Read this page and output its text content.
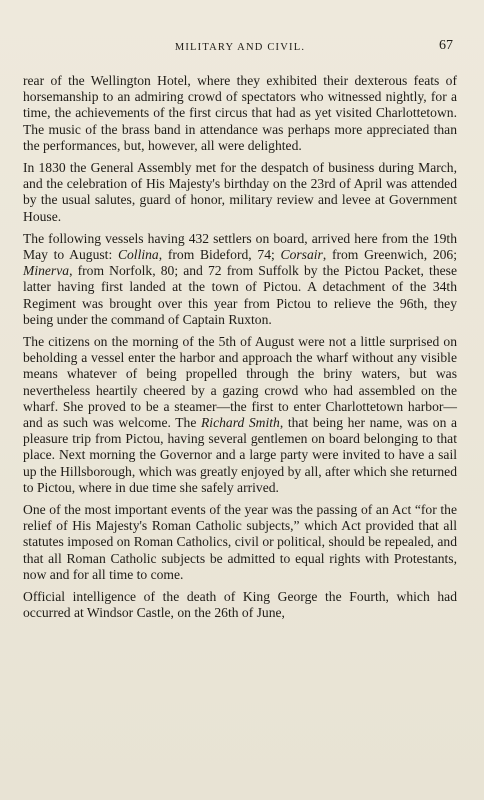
MILITARY AND CIVIL.	67

rear of the Wellington Hotel, where they exhibited their dexterous feats of horsemanship to an admiring crowd of spectators who witnessed nightly, for a time, the achievements of the first circus that had as yet visited Charlottetown. The music of the brass band in attendance was perhaps more appreciated than the performances, but, however, all were delighted.

In 1830 the General Assembly met for the despatch of business during March, and the celebration of His Majesty's birthday on the 23rd of April was attended by the usual salutes, guard of honor, military review and levee at Government House.

The following vessels having 432 settlers on board, arrived here from the 19th May to August: Collina, from Bideford, 74; Corsair, from Greenwich, 206; Minerva, from Norfolk, 80; and 72 from Suffolk by the Pictou Packet, these latter having first landed at the town of Pictou. A detachment of the 34th Regiment was brought over this year from Pictou to relieve the 96th, they being under the command of Captain Ruxton.

The citizens on the morning of the 5th of August were not a little surprised on beholding a vessel enter the harbor and approach the wharf without any visible means whatever of being propelled through the briny waters, but was nevertheless heartily cheered by a gazing crowd who had assembled on the wharf. She proved to be a steamer—the first to enter Charlottetown harbor—and as such was welcome. The Richard Smith, that being her name, was on a pleasure trip from Pictou, having several gentlemen on board belonging to that place. Next morning the Governor and a large party were invited to have a sail up the Hillsborough, which was greatly enjoyed by all, after which she returned to Pictou, where in due time she safely arrived.

One of the most important events of the year was the passing of an Act “for the relief of His Majesty's Roman Catholic subjects,” which Act provided that all statutes imposed on Roman Catholics, civil or political, should be repealed, and that all Roman Catholic subjects be admitted to equal rights with Protestants, now and for all time to come.

Official intelligence of the death of King George the Fourth, which had occurred at Windsor Castle, on the 26th of June,
